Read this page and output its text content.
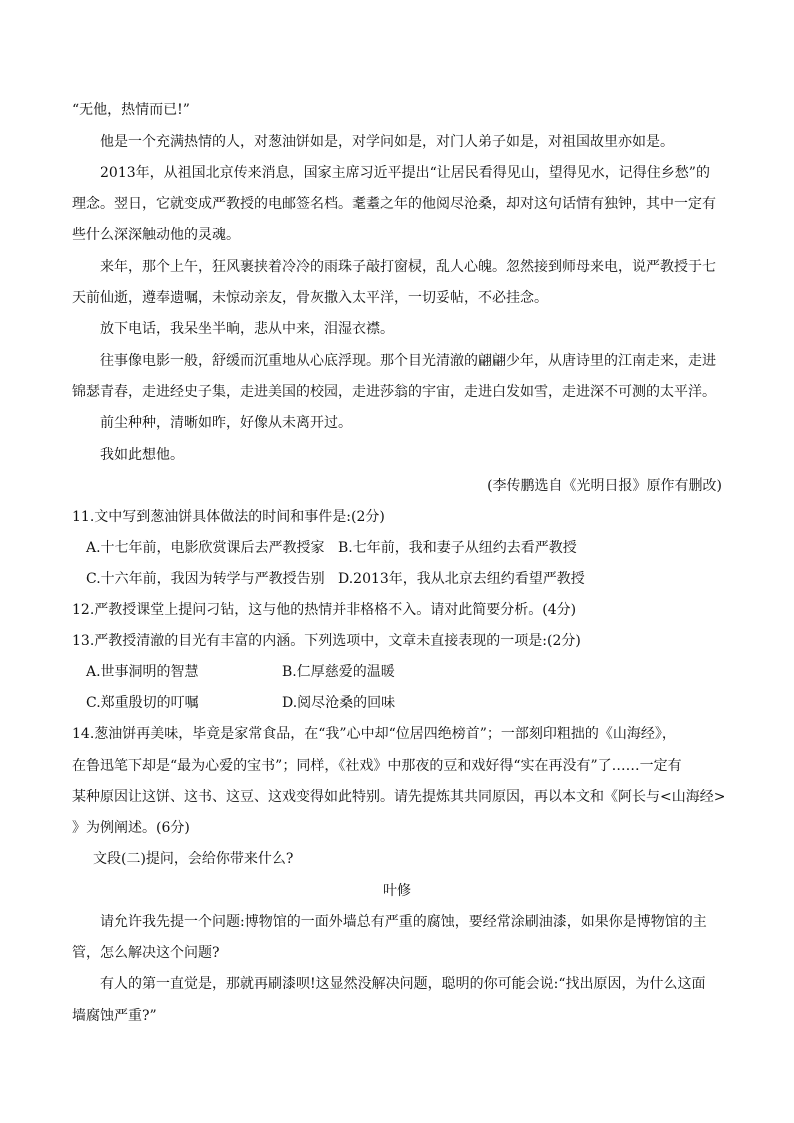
“无他，热情而已!”
他是一个充满热情的人，对葱油饼如是，对学问如是，对门人弟子如是，对祖国故里亦如是。
2013年，从祖国北京传来消息，国家主席习近平提出“让居民看得见山，望得见水，记得住乡愁”的
理念。翌日，它就变成严教授的电邮签名档。耄耋之年的他阅尽沧桑，却对这句话情有独钟，其中一定有
些什么深深触动他的灵魂。
来年，那个上午，狂风裹挟着冷冷的雨珠子敲打窗棂，乱人心魄。忽然接到师母来电，说严教授于七
天前仙逝，遵奉遗嘱，未惊动亲友，骨灰撒入太平洋，一切妥帖，不必挂念。
放下电话，我呆坐半晌，悲从中来，泪湿衣襟。
往事像电影一般，舒缓而沉重地从心底浮现。那个目光清澈的翩翩少年，从唐诗里的江南走来，走进
锦瑟青春，走进经史子集，走进美国的校园，走进莎翁的宇宙，走进白发如雪，走进深不可测的太平洋。
前尘种种，清晰如昨，好像从未离开过。
我如此想他。
(李传鹏选自《光明日报》原作有删改)
11.文中写到葱油饼具体做法的时间和事件是:(2分)
A.十七年前，电影欣赏课后去严教授家 B.七年前，我和妻子从纽约去看严教授
C.十六年前，我因为转学与严教授告别 D.2013年，我从北京去纽约看望严教授
12.严教授课堂上提问刁钻，这与他的热情并非格格不入。请对此简要分析。(4分)
13.严教授清澈的目光有丰富的内涵。下列选项中，文章未直接表现的一项是:(2分)
A.世事洞明的智慧	B.仁厚慈爱的温暖
C.郑重殷切的叮嘱	D.阅尽沧桑的回味
14.葱油饼再美味，毕竟是家常食品，在“我”心中却“位居四绝榜首”；一部刻印粗拙的《山海经》，
在鲁迅笔下却是“最为心爱的宝书”；同样，《社戏》中那夜的豆和戏好得“实在再没有”了……一定有
某种原因让这饼、这书、这豆、这戏变得如此特别。请先提炼其共同原因，再以本文和《阿长与<山海经>
》为例阐述。(6分)
文段(二)提问，会给你带来什么?
叶修
请允许我先提一个问题:博物馆的一面外墙总有严重的腐蚀，要经常涂刷油漆，如果你是博物馆的主
管，怎么解决这个问题?
有人的第一直觉是，那就再刷漆呗!这显然没解决问题，聪明的你可能会说:“找出原因，为什么这面
墙腐蚀严重?”
